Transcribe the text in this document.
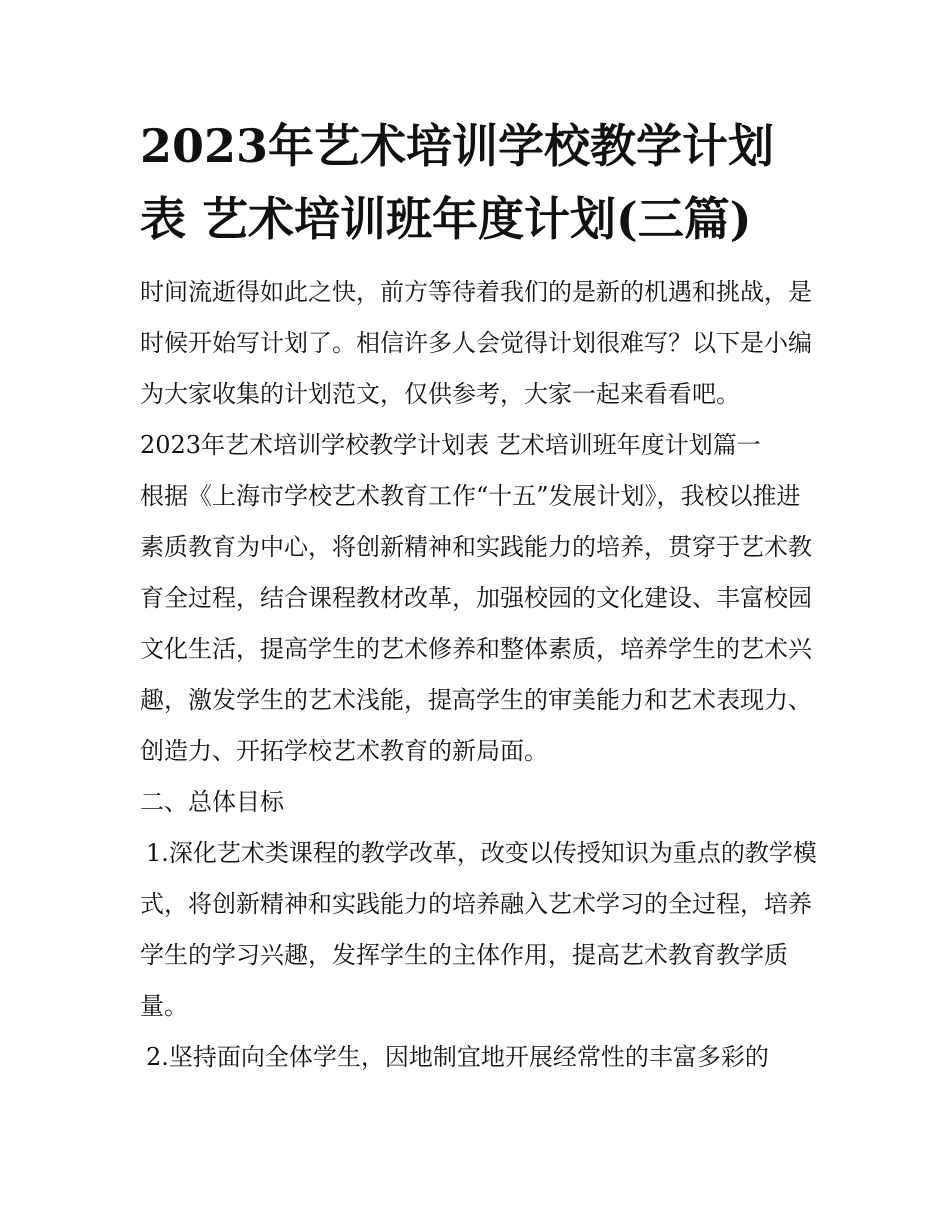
2023年艺术培训学校教学计划表 艺术培训班年度计划(三篇)
时间流逝得如此之快，前方等待着我们的是新的机遇和挑战，是时候开始写计划了。相信许多人会觉得计划很难写？以下是小编为大家收集的计划范文，仅供参考，大家一起来看看吧。
2023年艺术培训学校教学计划表 艺术培训班年度计划篇一
根据《上海市学校艺术教育工作“十五”发展计划》，我校以推进素质教育为中心，将创新精神和实践能力的培养，贯穿于艺术教育全过程，结合课程教材改革，加强校园的文化建设、丰富校园文化生活，提高学生的艺术修养和整体素质，培养学生的艺术兴趣，激发学生的艺术浅能，提高学生的审美能力和艺术表现力、创造力、开拓学校艺术教育的新局面。
二、总体目标
1.深化艺术类课程的教学改革，改变以传授知识为重点的教学模式，将创新精神和实践能力的培养融入艺术学习的全过程，培养学生的学习兴趣，发挥学生的主体作用，提高艺术教育教学质量。
2.坚持面向全体学生，因地制宜地开展经常性的丰富多彩的
